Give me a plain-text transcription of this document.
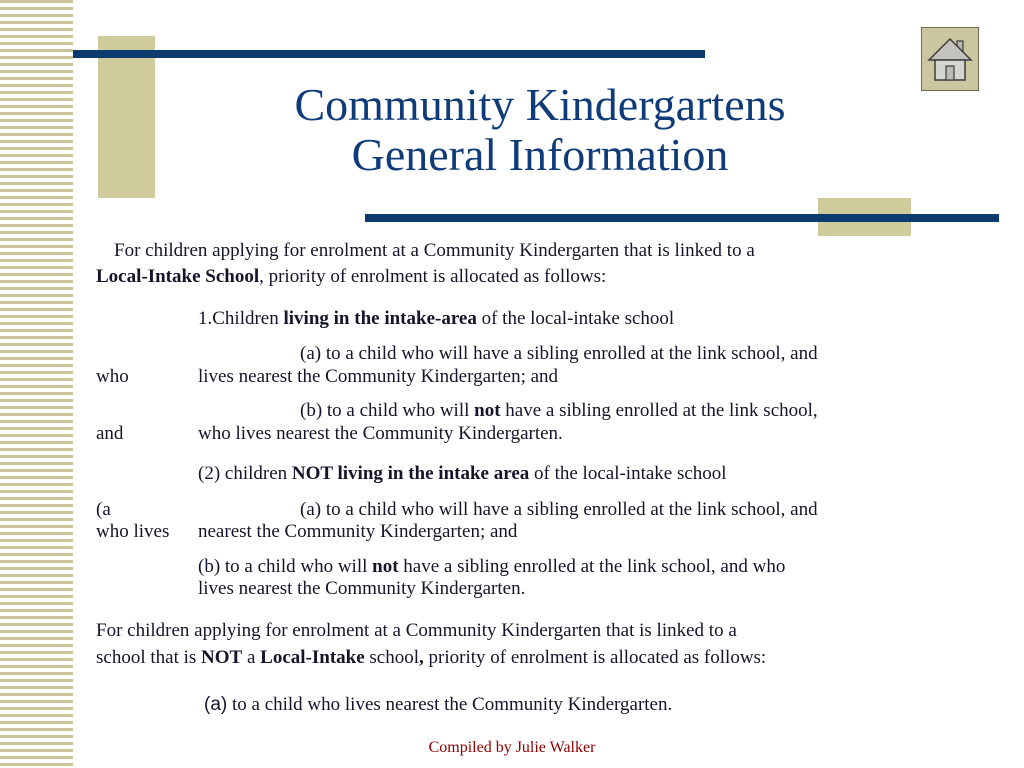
Community Kindergartens
General Information
For children applying for enrolment at a Community Kindergarten that is linked to a
Local-Intake School, priority of enrolment is allocated as follows:
1.Children living in the intake-area of the local-intake school
(a) to a child who will have a sibling enrolled at the link school, and
who	lives nearest the Community Kindergarten; and
(b) to a child who will not have a sibling enrolled at the link school,
and	who lives nearest the Community Kindergarten.
(2) children NOT living in the intake area of the local-intake school
(a	(a) to a child who will have a sibling enrolled at the link school, and
who lives nearest the Community Kindergarten; and
(b) to a child who will not have a sibling enrolled at the link school, and who
lives nearest the Community Kindergarten.
For children applying for enrolment at a Community Kindergarten that is linked to a
school that is NOT a Local-Intake school, priority of enrolment is allocated as follows:
(a) to a child who lives nearest the Community Kindergarten.
Compiled by Julie Walker
